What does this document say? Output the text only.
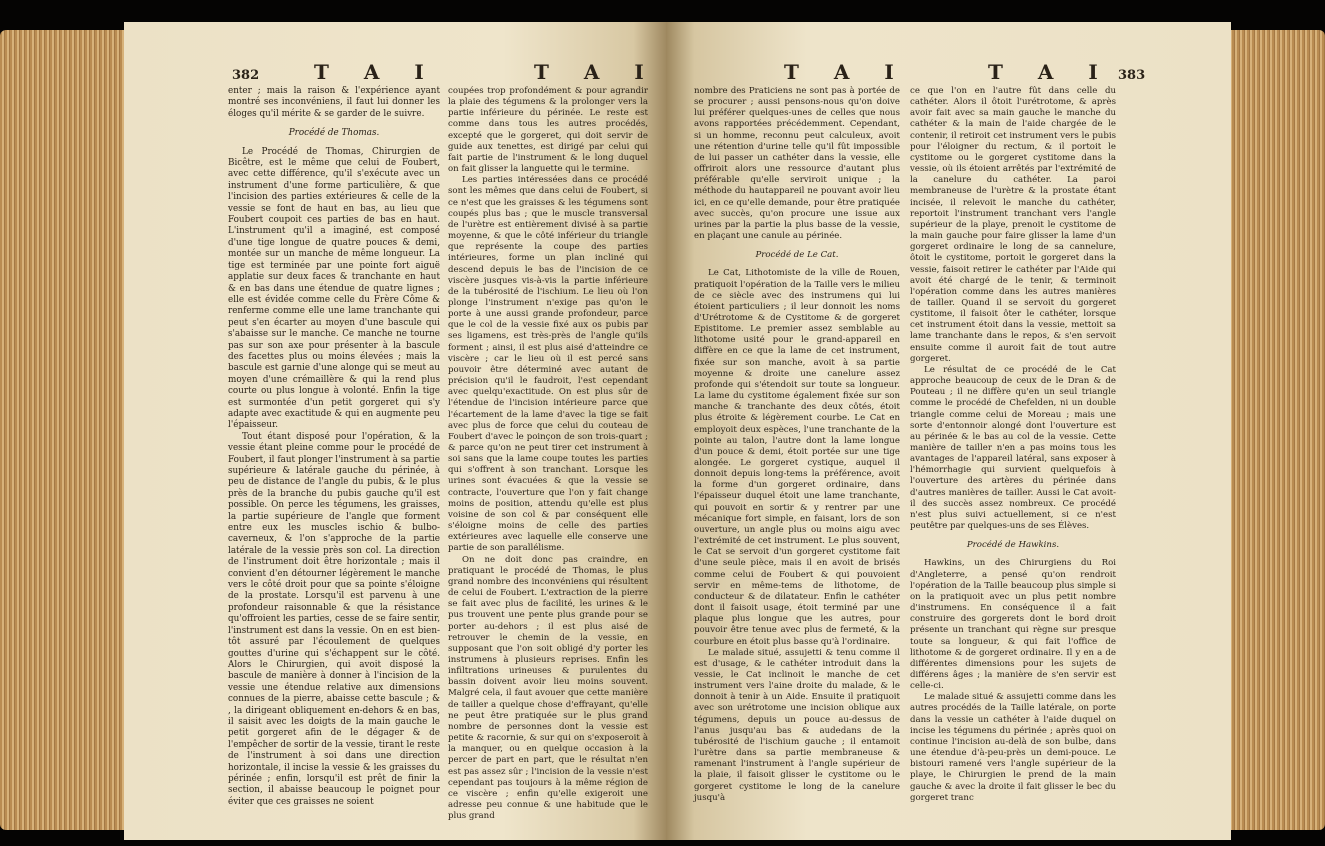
382	T A I	T A I

enter ; mais la raison & l'expérience ayant montré ses inconvéniens, il faut lui donner les éloges qu'il mérite & se garder de le suivre.

Procédé de Thomas.

Le Procédé de Thomas, Chirurgien de Bicêtre, est le même que celui de Foubert, avec cette différence, qu'il s'exécute avec un instrument d'une forme particulière, & que l'incision des parties extérieures & celle de la vessie se font de haut en bas, au lieu que Foubert coupoit ces parties de bas en haut. L'instrument qu'il a imaginé, est composé d'une tige longue de quatre pouces & demi, montée sur un manche de même longueur. La tige est terminée par une pointe fort aiguë applatie sur deux faces & tranchante en haut & en bas dans une étendue de quatre lignes ; elle est évidée comme celle du Frère Côme & renferme comme elle une lame tranchante qui peut s'en écarter au moyen d'une bascule qui s'abaisse sur le manche. Ce manche ne tourne pas sur son axe pour présenter à la bascule des facettes plus ou moins élevées ; mais la bascule est garnie d'une alonge qui se meut au moyen d'une crémaillère & qui la rend plus courte ou plus longue à volonté. Enfin la tige est surmontée d'un petit gorgeret qui s'y adapte avec exactitude & qui en augmente peu l'épaisseur.

Tout étant disposé pour l'opération, & la vessie étant pleine comme pour le procédé de Foubert, il faut plonger l'instrument à sa partie supérieure & latérale gauche du périnée, à peu de distance de l'angle du pubis, & le plus près de la branche du pubis gauche qu'il est possible. On perce les tégumens, les graisses, la partie supérieure de l'angle que forment entre eux les muscles ischio & bulbo-caverneux, & l'on s'approche de la partie latérale de la vessie près son col. La direction de l'instrument doit être horizontale ; mais il convient d'en détourner légèrement le manche vers le côté droit pour que sa pointe s'éloigne de la prostate. Lorsqu'il est parvenu à une profondeur raisonnable & que la résistance qu'offroient les parties, cesse de se faire sentir, l'instrument est dans la vessie. On en est bien-tôt assuré par l'écoulement de quelques gouttes d'urine qui s'échappent sur le côté. Alors le Chirurgien, qui avoit disposé la bascule de manière à donner à l'incision de la vessie une étendue relative aux dimensions connues de la pierre, abaisse cette bascule ; & , la dirigeant obliquement en-dehors & en bas, il saisit avec les doigts de la main gauche le petit gorgeret afin de le dégager & de l'empêcher de sortir de la vessie, tirant le reste de l'instrument à soi dans une direction horizontale, il incise la vessie & les graisses du périnée ; enfin, lorsqu'il est prêt de finir la section, il abaisse beaucoup le poignet pour éviter que ces graisses ne soient

coupées trop profondément & pour agrandir la plaie des tégumens & la prolonger vers la partie inférieure du périnée. Le reste est comme dans tous les autres procédés, excepté que le gorgeret, qui doit servir de guide aux tenettes, est dirigé par celui qui fait partie de l'instrument & le long duquel on fait glisser la languette qui le termine.

Les parties intéressées dans ce procédé sont les mêmes que dans celui de Foubert, si ce n'est que les graisses & les tégumens sont coupés plus bas ; que le muscle transversal de l'urètre est entièrement divisé à sa partie moyenne, & que le côté inférieur du triangle que représente la coupe des parties intérieures, forme un plan incliné qui descend depuis le bas de l'incision de ce viscère jusques vis-à-vis la partie inférieure de la tubérosité de l'ischium. Le lieu où l'on plonge l'instrument n'exige pas qu'on le porte à une aussi grande profondeur, parce que le col de la vessie fixé aux os pubis par ses ligamens, est très-près de l'angle qu'ils forment ; ainsi, il est plus aisé d'atteindre ce viscère ; car le lieu où il est percé sans pouvoir être déterminé avec autant de précision qu'il le faudroit, l'est cependant avec quelqu'exactitude. On est plus sûr de l'étendue de l'incision intérieure parce que l'écartement de la lame d'avec la tige se fait avec plus de force que celui du couteau de Foubert d'avec le poinçon de son trois-quart ; & parce qu'on ne peut tirer cet instrument à soi sans que la lame coupe toutes les parties qui s'offrent à son tranchant. Lorsque les urines sont évacuées & que la vessie se contracte, l'ouverture que l'on y fait change moins de position, attendu qu'elle est plus voisine de son col & par conséquent elle s'éloigne moins de celle des parties extérieures avec laquelle elle conserve une partie de son parallélisme.

On ne doit donc pas craindre, en pratiquant le procédé de Thomas, le plus grand nombre des inconvéniens qui résultent de celui de Foubert. L'extraction de la pierre se fait avec plus de facilité, les urines & le pus trouvent une pente plus grande pour se porter au-dehors ; il est plus aisé de retrouver le chemin de la vessie, en supposant que l'on soit obligé d'y porter les instrumens à plusieurs reprises. Enfin les infiltrations urineuses & purulentes du bassin doivent avoir lieu moins souvent. Malgré cela, il faut avouer que cette manière de tailler a quelque chose d'effrayant, qu'elle ne peut être pratiquée sur le plus grand nombre de personnes dont la vessie est petite & racornie, & sur qui on s'exposeroit à la manquer, ou en quelque occasion à la percer de part en part, que le résultat n'en est pas assez sûr ; l'incision de la vessie n'est cependant pas toujours à la même région de ce viscère ; enfin qu'elle exigeroit une adresse peu connue & une habitude que le plus grand

T A I	T A I 383

nombre des Praticiens ne sont pas à portée de se procurer ; aussi pensons-nous qu'on doive lui préférer quelques-unes de celles que nous avons rapportées précédemment. Cependant, si un homme, reconnu peut calculeux, avoit une rétention d'urine telle qu'il fût impossible de lui passer un cathéter dans la vessie, elle offriroit alors une ressource d'autant plus préférable qu'elle serviroit unique ; la méthode du hautappareil ne pouvant avoir lieu ici, en ce qu'elle demande, pour être pratiquée avec succès, qu'on procure une issue aux urines par la partie la plus basse de la vessie, en plaçant une canule au périnée.

Procédé de Le Cat.

Le Cat, Lithotomiste de la ville de Rouen, pratiquoit l'opération de la Taille vers le milieu de ce siècle avec des instrumens qui lui étoient particuliers ; il leur donnoit les noms d'Urétrotome & de Cystitome & de gorgeret Epistitome. Le premier assez semblable au lithotome usité pour le grand-appareil en diffère en ce que la lame de cet instrument, fixée sur son manche, avoit à sa partie moyenne & droite une canelure assez profonde qui s'étendoit sur toute sa longueur. La lame du cystitome également fixée sur son manche & tranchante des deux côtés, étoit plus étroite & légèrement courbe. Le Cat en employoit deux espèces, l'une tranchante de la pointe au talon, l'autre dont la lame longue d'un pouce & demi, étoit portée sur une tige alongée. Le gorgeret cystique, auquel il donnoit depuis long-tems la préférence, avoit la forme d'un gorgeret ordinaire, dans l'épaisseur duquel étoit une lame tranchante, qui pouvoit en sortir & y rentrer par une mécanique fort simple, en faisant, lors de son ouverture, un angle plus ou moins aigu avec l'extrémité de cet instrument. Le plus souvent, le Cat se servoit d'un gorgeret cystitome fait d'une seule pièce, mais il en avoit de brisés comme celui de Foubert & qui pouvoient servir en même-tems de lithotome, de conducteur & de dilatateur. Enfin le cathéter dont il faisoit usage, étoit terminé par une plaque plus longue que les autres, pour pouvoir être tenue avec plus de fermeté, & la courbure en étoit plus basse qu'à l'ordinaire.

Le malade situé, assujetti & tenu comme il est d'usage, & le cathéter introduit dans la vessie, le Cat inclinoit le manche de cet instrument vers l'aine droite du malade, & le donnoit à tenir à un Aide. Ensuite il pratiquoit avec son urétrotome une incision oblique aux tégumens, depuis un pouce au-dessus de l'anus jusqu'au bas & audedans de la tubérosité de l'ischium gauche ; il entamoit l'urètre dans sa partie membraneuse & ramenant l'instrument à l'angle supérieur de la plaie, il faisoit glisser le cystitome ou le gorgeret cystitome le long de la canelure jusqu'à

ce que l'on en l'autre fût dans celle du cathéter. Alors il ôtoit l'urétrotome, & après avoir fait avec sa main gauche le manche du cathéter & la main de l'aide chargée de le contenir, il retiroit cet instrument vers le pubis pour l'éloigner du rectum, & il portoit le cystitome ou le gorgeret cystitome dans la vessie, où ils étoient arrêtés par l'extrémité de la canelure du cathéter. La paroi membraneuse de l'urètre & la prostate étant incisée, il relevoit le manche du cathéter, reportoit l'instrument tranchant vers l'angle supérieur de la playe, prenoit le cystitome de la main gauche pour faire glisser la lame d'un gorgeret ordinaire le long de sa cannelure, ôtoit le cystitome, portoit le gorgeret dans la vessie, faisoit retirer le cathéter par l'Aide qui avoit été chargé de le tenir, & terminoit l'opération comme dans les autres manières de tailler. Quand il se servoit du gorgeret cystitome, il faisoit ôter le cathéter, lorsque cet instrument étoit dans la vessie, mettoit sa lame tranchante dans le repos, & s'en servoit ensuite comme il auroit fait de tout autre gorgeret.

Le résultat de ce procédé de le Cat approche beaucoup de ceux de le Dran & de Pouteau ; il ne diffère qu'en un seul triangle comme le procédé de Chefelden, ni un double triangle comme celui de Moreau ; mais une sorte d'entonnoir alongé dont l'ouverture est au périnée & le bas au col de la vessie. Cette manière de tailler n'en a pas moins tous les avantages de l'appareil latéral, sans exposer à l'hémorrhagie qui survient quelquefois à l'ouverture des artères du périnée dans d'autres manières de tailler. Aussi le Cat avoit-il des succès assez nombreux. Ce procédé n'est plus suivi actuellement, si ce n'est peutêtre par quelques-uns de ses Élèves.

Procédé de Hawkins.

Hawkins, un des Chirurgiens du Roi d'Angleterre, a pensé qu'on rendroit l'opération de la Taille beaucoup plus simple si on la pratiquoit avec un plus petit nombre d'instrumens. En conséquence il a fait construire des gorgerets dont le bord droit présente un tranchant qui règne sur presque toute sa longueur, & qui fait l'office de lithotome & de gorgeret ordinaire. Il y en a de différentes dimensions pour les sujets de différens âges ; la manière de s'en servir est celle-ci.

Le malade situé & assujetti comme dans les autres procédés de la Taille latérale, on porte dans la vessie un cathéter à l'aide duquel on incise les tégumens du périnée ; après quoi on continue l'incision au-delà de son bulbe, dans une étendue d'à-peu-près un demi-pouce. Le bistouri ramené vers l'angle supérieur de la playe, le Chirurgien le prend de la main gauche & avec la droite il fait glisser le bec du gorgeret tranc
